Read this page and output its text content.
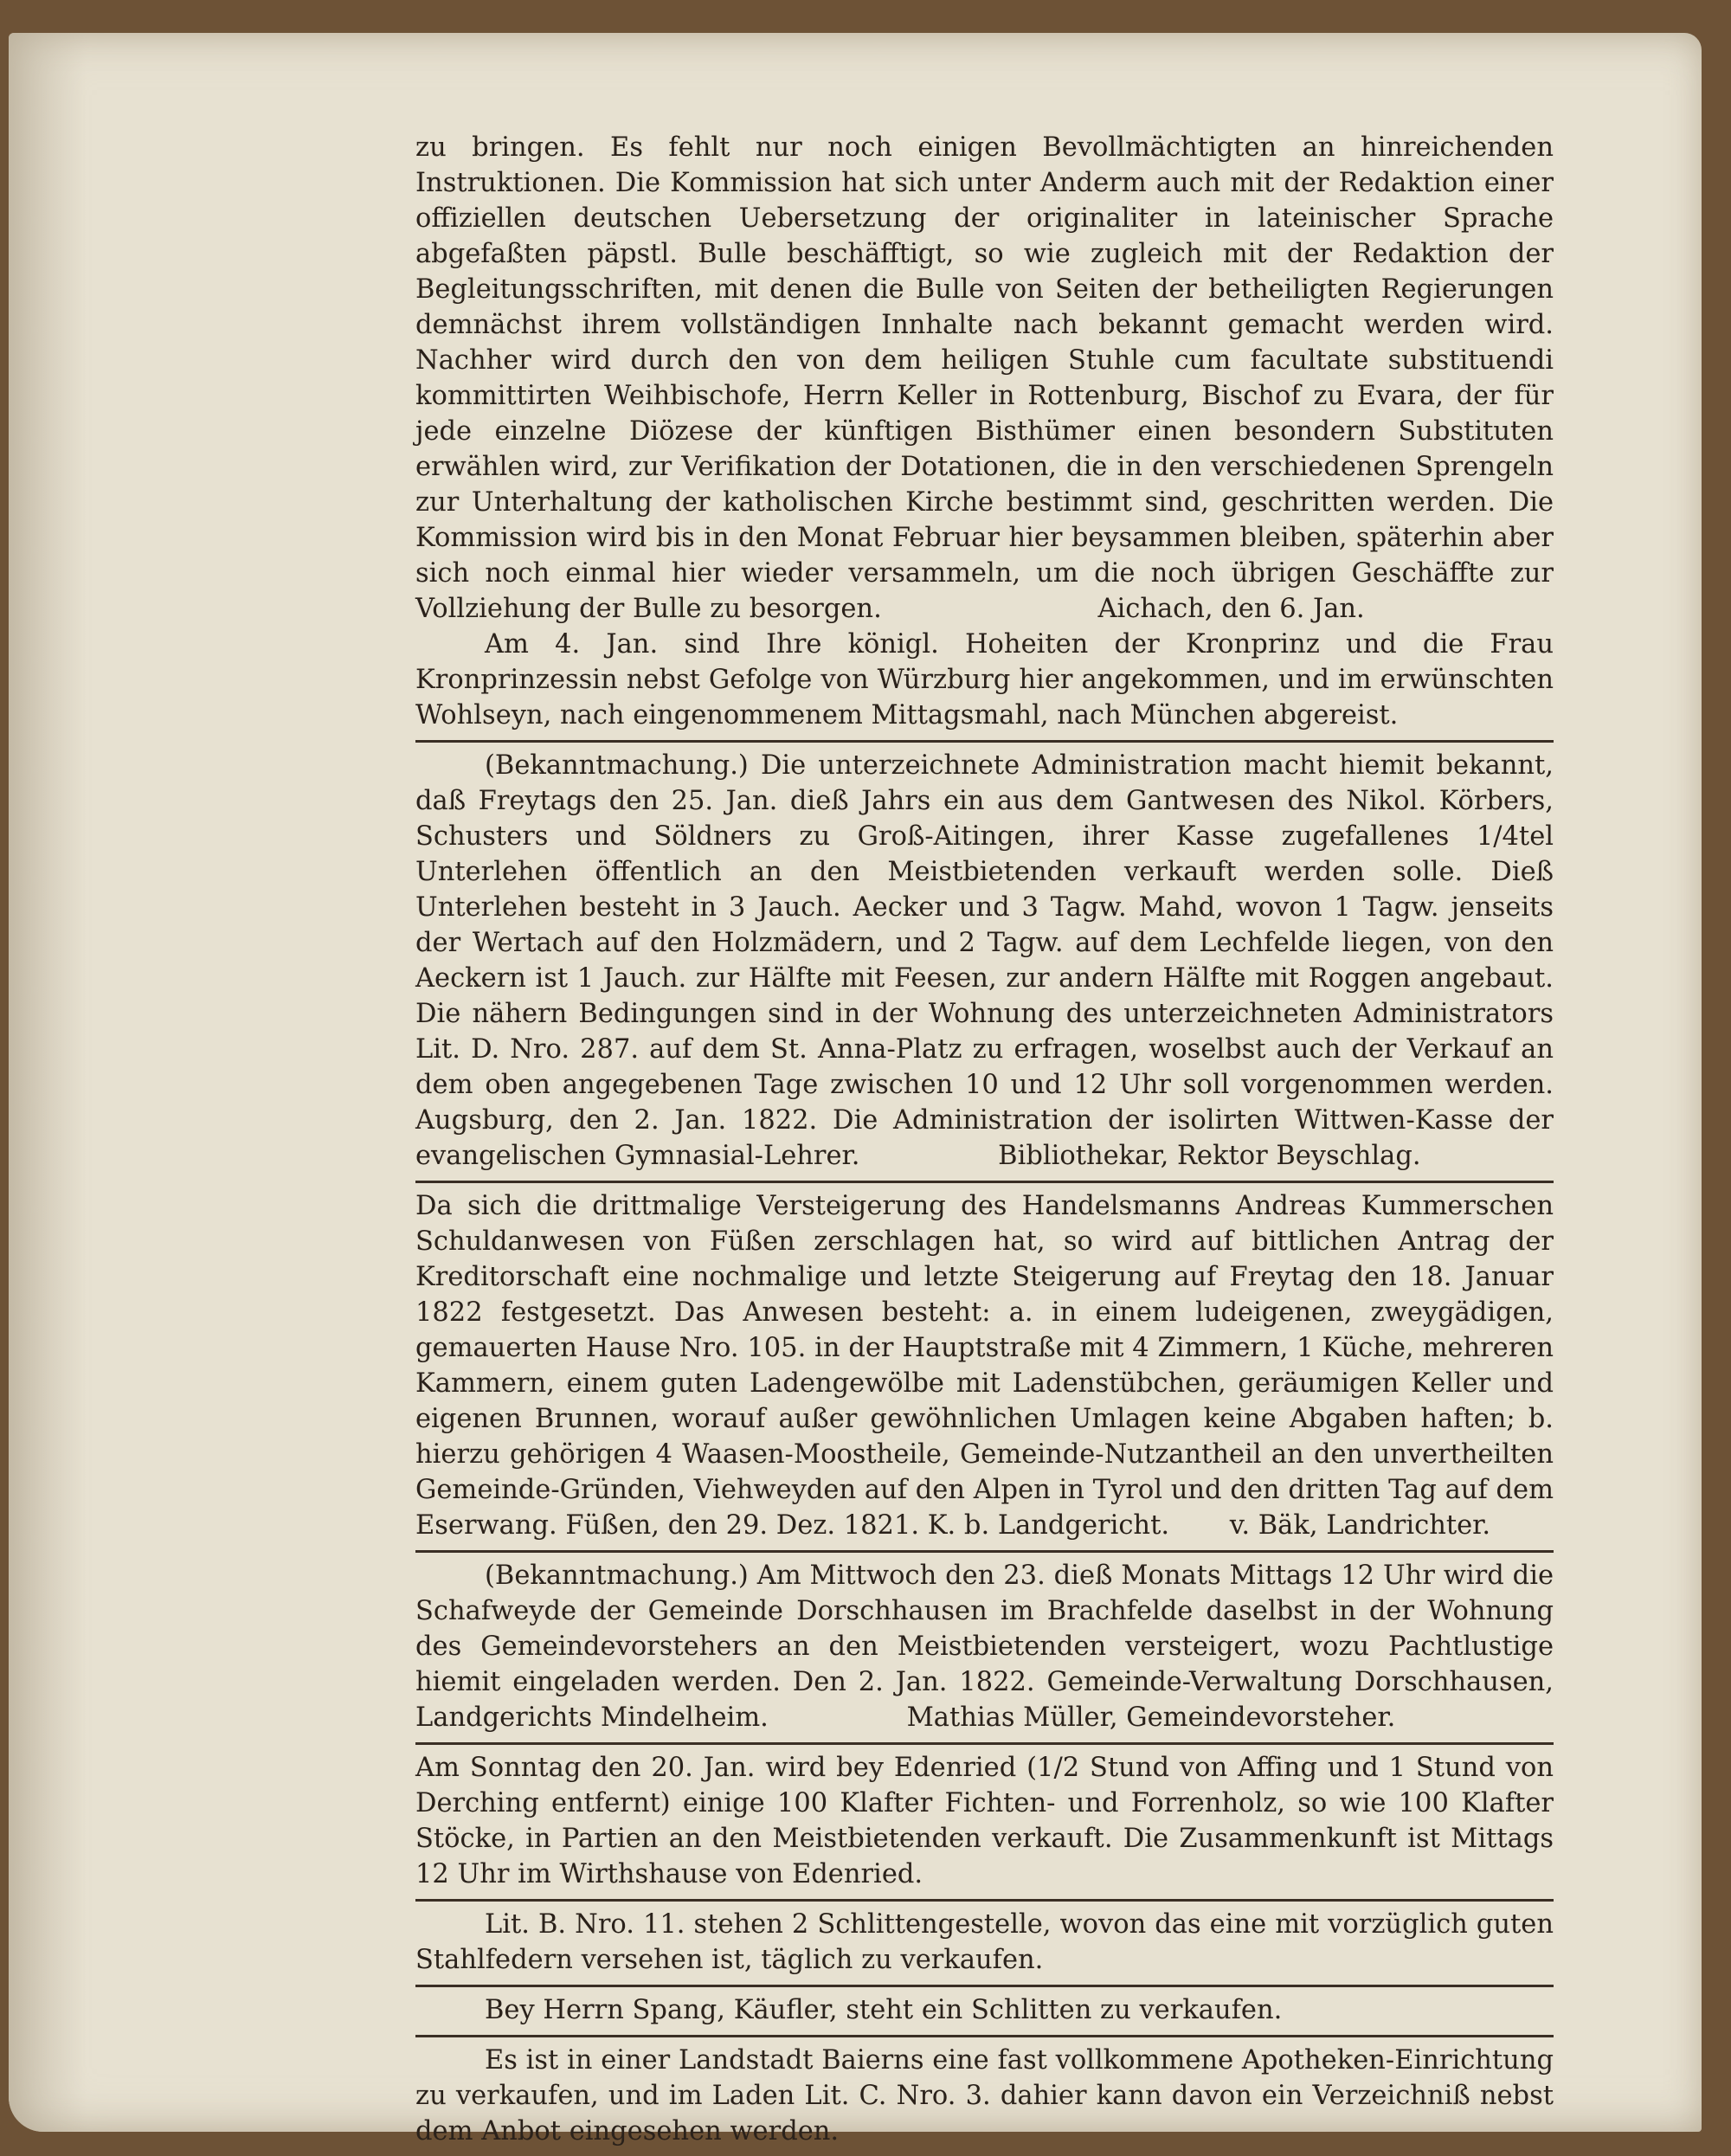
zu bringen. Es fehlt nur noch einigen Bevollmächtigten an hinreichenden Instruktionen. Die Kommission hat sich unter Anderm auch mit der Redaktion einer offiziellen deutschen Uebersetzung der originaliter in lateinischer Sprache abgefaßten päpstl. Bulle beschäfftigt, so wie zugleich mit der Redaktion der Begleitungsschriften, mit denen die Bulle von Seiten der betheiligten Regierungen demnächst ihrem vollständigen Innhalte nach bekannt gemacht werden wird. Nachher wird durch den von dem heiligen Stuhle cum facultate substituendi kommittirten Weihbischofe, Herrn Keller in Rottenburg, Bischof zu Evara, der für jede einzelne Diözese der künftigen Bisthümer einen besondern Substituten erwählen wird, zur Verifikation der Dotationen, die in den verschiedenen Sprengeln zur Unterhaltung der katholischen Kirche bestimmt sind, geschritten werden. Die Kommission wird bis in den Monat Februar hier beysammen bleiben, späterhin aber sich noch einmal hier wieder versammeln, um die noch übrigen Geschäffte zur Vollziehung der Bulle zu besorgen.	Aichach, den 6. Jan.

Am 4. Jan. sind Ihre königl. Hoheiten der Kronprinz und die Frau Kronprinzessin nebst Gefolge von Würzburg hier angekommen, und im erwünschten Wohlseyn, nach eingenommenem Mittagsmahl, nach München abgereist.

(Bekanntmachung.) Die unterzeichnete Administration macht hiemit bekannt, daß Freytags den 25. Jan. dieß Jahrs ein aus dem Gantwesen des Nikol. Körbers, Schusters und Söldners zu Groß-Aitingen, ihrer Kasse zugefallenes 1/4tel Unterlehen öffentlich an den Meistbietenden verkauft werden solle. Dieß Unterlehen besteht in 3 Jauch. Aecker und 3 Tagw. Mahd, wovon 1 Tagw. jenseits der Wertach auf den Holzmädern, und 2 Tagw. auf dem Lechfelde liegen, von den Aeckern ist 1 Jauch. zur Hälfte mit Feesen, zur andern Hälfte mit Roggen angebaut. Die nähern Bedingungen sind in der Wohnung des unterzeichneten Administrators Lit. D. Nro. 287. auf dem St. Anna-Platz zu erfragen, woselbst auch der Verkauf an dem oben angegebenen Tage zwischen 10 und 12 Uhr soll vorgenommen werden. Augsburg, den 2. Jan. 1822. Die Administration der isolirten Wittwen-Kasse der evangelischen Gymnasial-Lehrer.	Bibliothekar, Rektor Beyschlag.

Da sich die drittmalige Versteigerung des Handelsmanns Andreas Kummerschen Schuldanwesen von Füßen zerschlagen hat, so wird auf bittlichen Antrag der Kreditorschaft eine nochmalige und letzte Steigerung auf Freytag den 18. Januar 1822 festgesetzt. Das Anwesen besteht: a. in einem ludeigenen, zweygädigen, gemauerten Hause Nro. 105. in der Hauptstraße mit 4 Zimmern, 1 Küche, mehreren Kammern, einem guten Ladengewölbe mit Ladenstübchen, geräumigen Keller und eigenen Brunnen, worauf außer gewöhnlichen Umlagen keine Abgaben haften; b. hierzu gehörigen 4 Waasen-Moostheile, Gemeinde-Nutzantheil an den unvertheilten Gemeinde-Gründen, Viehweyden auf den Alpen in Tyrol und den dritten Tag auf dem Eserwang. Füßen, den 29. Dez. 1821. K. b. Landgericht. v. Bäk, Landrichter.

(Bekanntmachung.) Am Mittwoch den 23. dieß Monats Mittags 12 Uhr wird die Schafweyde der Gemeinde Dorschhausen im Brachfelde daselbst in der Wohnung des Gemeindevorstehers an den Meistbietenden versteigert, wozu Pachtlustige hiemit eingeladen werden. Den 2. Jan. 1822. Gemeinde-Verwaltung Dorschhausen, Landgerichts Mindelheim.	Mathias Müller, Gemeindevorsteher.

Am Sonntag den 20. Jan. wird bey Edenried (1/2 Stund von Affing und 1 Stund von Derching entfernt) einige 100 Klafter Fichten- und Forrenholz, so wie 100 Klafter Stöcke, in Partien an den Meistbietenden verkauft. Die Zusammenkunft ist Mittags 12 Uhr im Wirthshause von Edenried.

Lit. B. Nro. 11. stehen 2 Schlittengestelle, wovon das eine mit vorzüglich guten Stahlfedern versehen ist, täglich zu verkaufen.

Bey Herrn Spang, Käufler, steht ein Schlitten zu verkaufen.

Es ist in einer Landstadt Baierns eine fast vollkommene Apotheken-Einrichtung zu verkaufen, und im Laden Lit. C. Nro. 3. dahier kann davon ein Verzeichniß nebst dem Anbot eingesehen werden.
